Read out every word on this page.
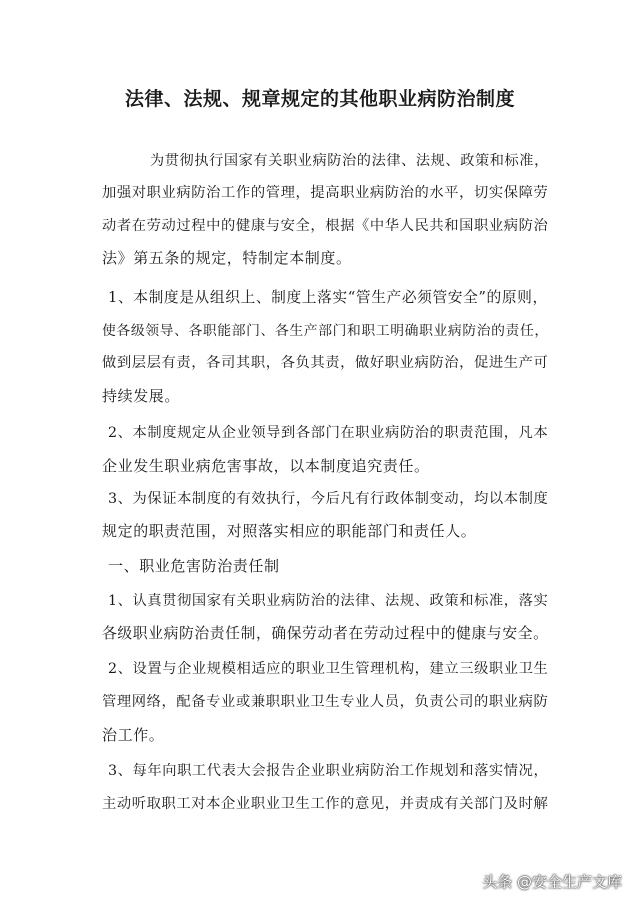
法律、法规、规章规定的其他职业病防治制度
为贯彻执行国家有关职业病防治的法律、法规、政策和标准，
加强对职业病防治工作的管理，提高职业病防治的水平，切实保障劳
动者在劳动过程中的健康与安全，根据《中华人民共和国职业病防治
法》第五条的规定，特制定本制度。
1、本制度是从组织上、制度上落实“管生产必须管安全”的原则，
使各级领导、各职能部门、各生产部门和职工明确职业病防治的责任，
做到层层有责，各司其职，各负其责，做好职业病防治，促进生产可
持续发展。
2、本制度规定从企业领导到各部门在职业病防治的职责范围，凡本
企业发生职业病危害事故，以本制度追究责任。
3、为保证本制度的有效执行，今后凡有行政体制变动，均以本制度
规定的职责范围，对照落实相应的职能部门和责任人。
一、职业危害防治责任制
1、认真贯彻国家有关职业病防治的法律、法规、政策和标准，落实
各级职业病防治责任制，确保劳动者在劳动过程中的健康与安全。
2、设置与企业规模相适应的职业卫生管理机构，建立三级职业卫生
管理网络，配备专业或兼职职业卫生专业人员，负责公司的职业病防
治工作。
3、每年向职工代表大会报告企业职业病防治工作规划和落实情况，
主动听取职工对本企业职业卫生工作的意见，并责成有关部门及时解
头条 @安全生产文库
